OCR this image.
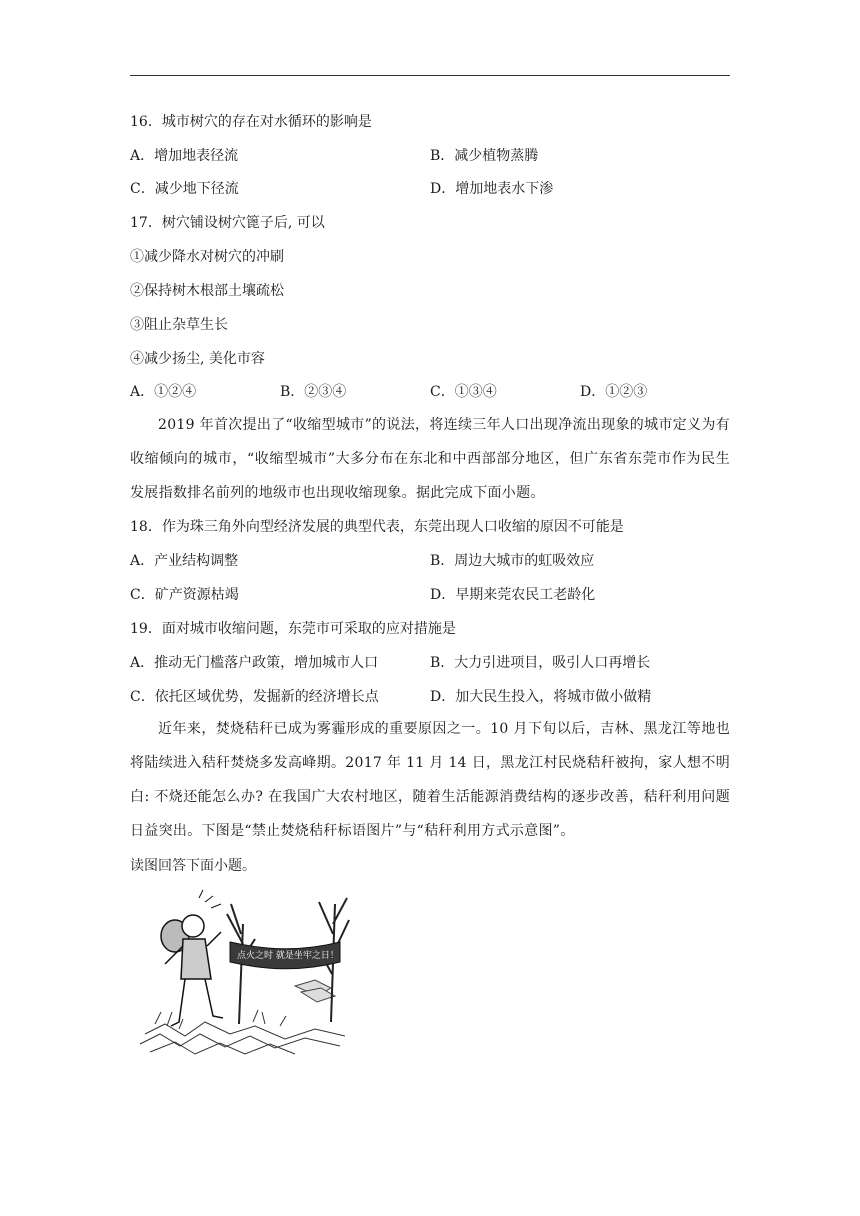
16．城市树穴的存在对水循环的影响是
A．增加地表径流	B．减少植物蒸腾
C．减少地下径流	D．增加地表水下渗
17．树穴铺设树穴篦子后, 可以
①减少降水对树穴的冲刷
②保持树木根部土壤疏松
③阻止杂草生长
④减少扬尘, 美化市容
A．①②④	B．②③④	C．①③④	D．①②③
2019 年首次提出了“收缩型城市”的说法，将连续三年人口出现净流出现象的城市定义为有收缩倾向的城市，“收缩型城市”大多分布在东北和中西部部分地区，但广东省东莞市作为民生发展指数排名前列的地级市也出现收缩现象。据此完成下面小题。
18．作为珠三角外向型经济发展的典型代表，东莞出现人口收缩的原因不可能是
A．产业结构调整	B．周边大城市的虹吸效应
C．矿产资源枯竭	D．早期来莞农民工老龄化
19．面对城市收缩问题，东莞市可采取的应对措施是
A．推动无门槛落户政策，增加城市人口	B．大力引进项目，吸引人口再增长
C．依托区域优势，发掘新的经济增长点	D．加大民生投入，将城市做小做精
近年来，焚烧秸秆已成为雾霾形成的重要原因之一。10 月下旬以后，吉林、黑龙江等地也将陆续进入秸秆焚烧多发高峰期。2017 年 11 月 14 日，黑龙江村民烧秸秆被拘，家人想不明白: 不烧还能怎么办? 在我国广大农村地区，随着生活能源消费结构的逐步改善，秸秆利用问题日益突出。下图是“禁止焚烧秸秆标语图片”与“秸秆利用方式示意图”。
读图回答下面小题。
点火之时 就是坐牢之日！
